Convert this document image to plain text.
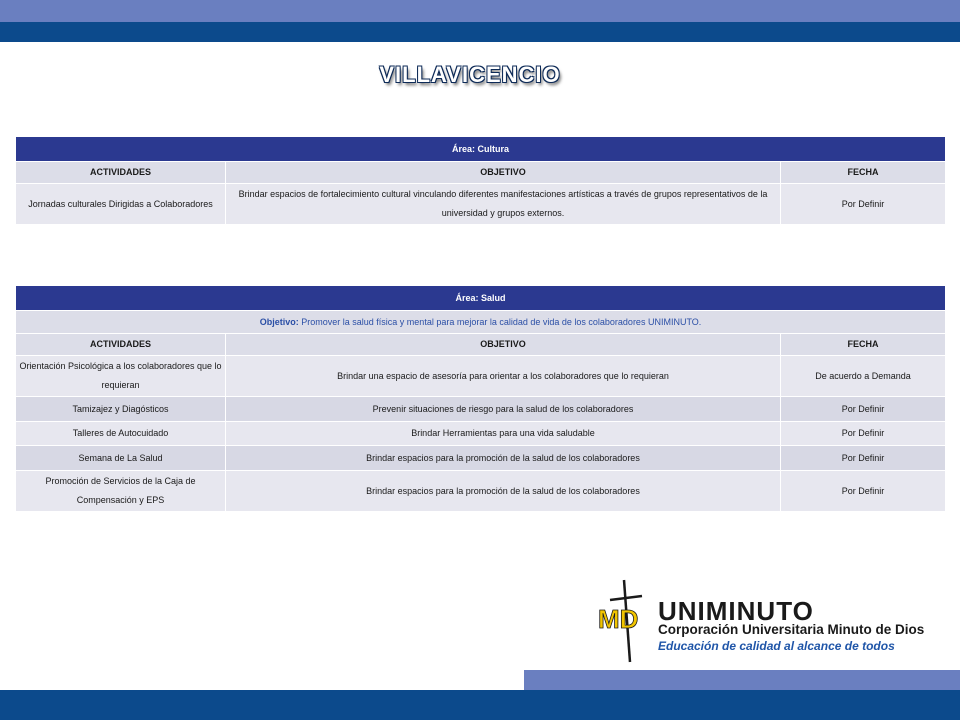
VILLAVICENCIO
Área: Cultura		
ACTIVIDADES	OBJETIVO	FECHA
Jornadas culturales Dirigidas a Colaboradores	Brindar espacios de fortalecimiento cultural vinculando diferentes manifestaciones artísticas a través de grupos representativos de la universidad y grupos externos.	Por Definir
Área: Salud		
Objetivo: Promover la salud física y mental para mejorar la calidad de vida de los colaboradores UNIMINUTO.		
ACTIVIDADES	OBJETIVO	FECHA
Orientación Psicológica a los colaboradores que lo requieran	Brindar una espacio de asesoría para orientar a los colaboradores que lo requieran	De acuerdo a Demanda
Tamizajez y Diagósticos	Prevenir situaciones de riesgo para la salud de los colaboradores	Por Definir
Talleres de Autocuidado	Brindar Herramientas para una vida saludable	Por Definir
Semana de La Salud	Brindar espacios para la promoción de la salud de los colaboradores	Por Definir
Promoción de Servicios de la Caja de Compensación y EPS	Brindar espacios para la promoción de la salud de los colaboradores	Por Definir
MD UNIMINUTO
Corporación Universitaria Minuto de Dios
Educación de calidad al alcance de todos
